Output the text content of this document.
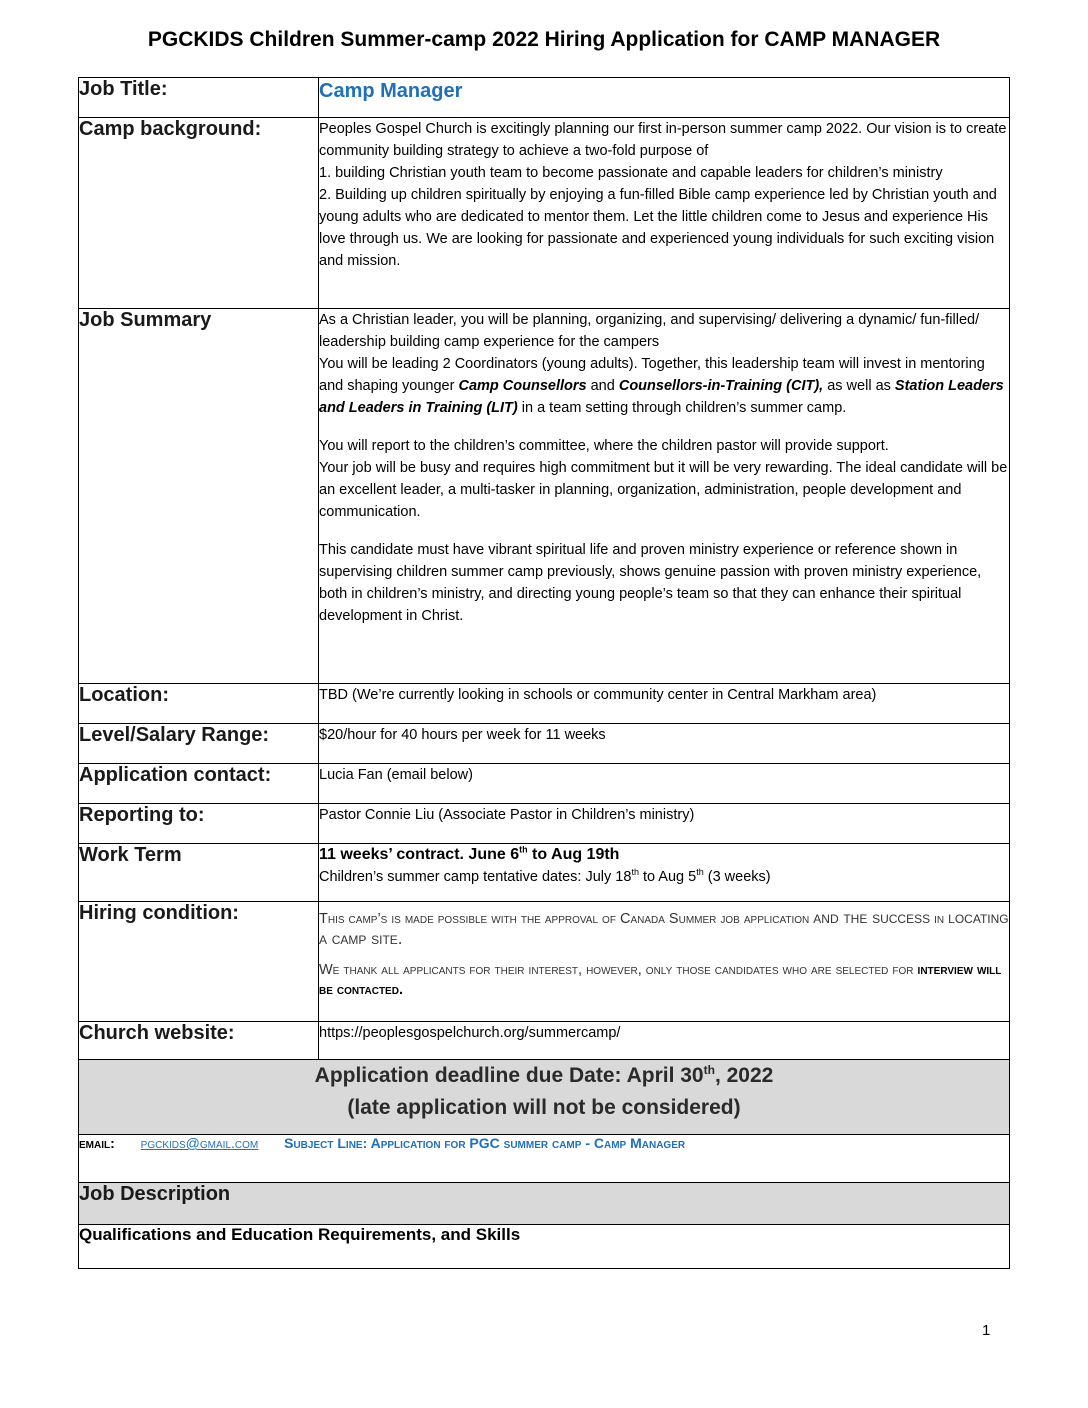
PGCKIDS Children Summer-camp 2022 Hiring Application for CAMP MANAGER
Job Title:	Camp Manager
Camp background:	Peoples Gospel Church is excitingly planning our first in-person summer camp 2022. Our vision is to create community building strategy to achieve a two-fold purpose of

1. building Christian youth team to become passionate and capable leaders for children’s ministry

2. Building up children spiritually by enjoying a fun-filled Bible camp experience led by Christian youth and young adults who are dedicated to mentor them. Let the little children come to Jesus and experience His love through us. We are looking for passionate and experienced young individuals for such exciting vision and mission.

Job Summary	As a Christian leader, you will be planning, organizing, and supervising/ delivering a dynamic/ fun-filled/ leadership building camp experience for the campers

You will be leading 2 Coordinators (young adults). Together, this leadership team will invest in mentoring and shaping younger Camp Counsellors and Counsellors-in-Training (CIT), as well as Station Leaders and Leaders in Training (LIT) in a team setting through children’s summer camp.

You will report to the children’s committee, where the children pastor will provide support.

Your job will be busy and requires high commitment but it will be very rewarding. The ideal candidate will be an excellent leader, a multi-tasker in planning, organization, administration, people development and communication.

This candidate must have vibrant spiritual life and proven ministry experience or reference shown in supervising children summer camp previously, shows genuine passion with proven ministry experience, both in children’s ministry, and directing young people’s team so that they can enhance their spiritual development in Christ.

Location:	TBD (We’re currently looking in schools or community center in Central Markham area)
Level/Salary Range:	$20/hour for 40 hours per week for 11 weeks
Application contact:	Lucia Fan (email below)
Reporting to:	Pastor Connie Liu (Associate Pastor in Children’s ministry)
Work Term	11 weeks’ contract. June 6th to Aug 19th

Children’s summer camp tentative dates: July 18th to Aug 5th (3 weeks)

Hiring condition:	This camp’s is made possible with the approval of Canada Summer job application and the success in locating a camp site.

We thank all applicants for their interest, however, only those candidates who are selected for interview will be contacted.

Church website:	https://peoplesgospelchurch.org/summercamp/

Application deadline due Date: April 30th, 2022
(late application will not be considered)	

email: pgckids@gmail.com Subject Line: Application for PGC summer camp - Camp Manager	
Job Description	
Qualifications and Education Requirements, and Skills	
1
